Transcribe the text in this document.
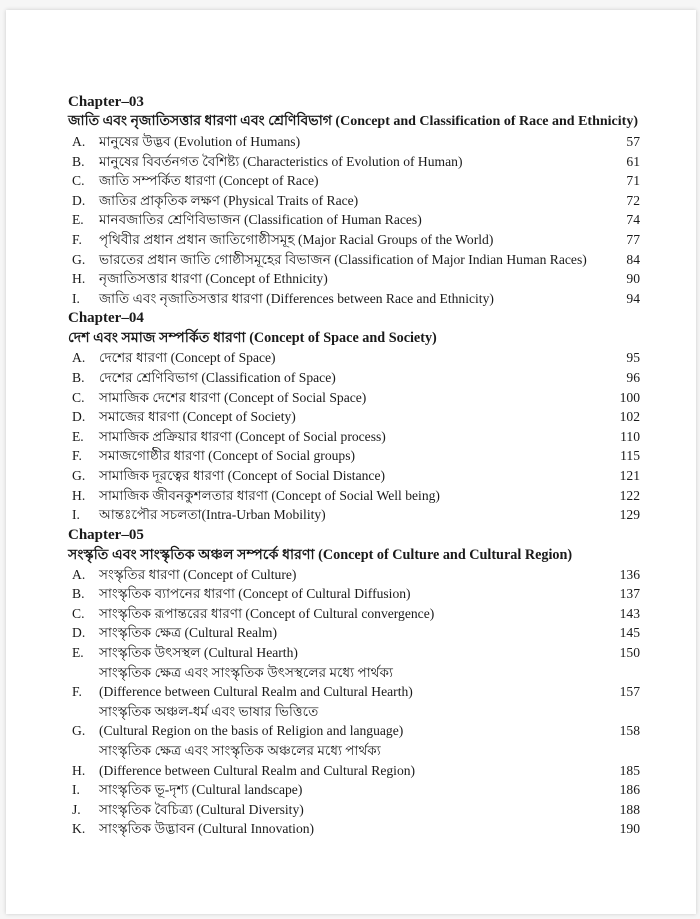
Chapter–03
জাতি এবং নৃজাতিসত্তার ধারণা এবং শ্রেণিবিভাগ (Concept and Classification of Race and Ethnicity)
A.	মানুষের উদ্ভব (Evolution of Humans)	57
B.	মানুষের বিবর্তনগত বৈশিষ্ট্য (Characteristics of Evolution of Human)	61
C.	জাতি সম্পর্কিত ধারণা (Concept of Race)	71
D.	জাতির প্রাকৃতিক লক্ষণ (Physical Traits of Race)	72
E.	মানবজাতির শ্রেণিবিভাজন (Classification of Human Races)	74
F.	পৃথিবীর প্রধান প্রধান জাতিগোষ্ঠীসমূহ (Major Racial Groups of the World)	77
G.	ভারতের প্রধান জাতি গোষ্ঠীসমূহের বিভাজন (Classification of Major Indian Human Races)	84
H.	নৃজাতিসত্তার ধারণা (Concept of Ethnicity)	90
I.	জাতি এবং নৃজাতিসত্তার ধারণা (Differences between Race and Ethnicity)	94
Chapter–04
দেশ এবং সমাজ সম্পর্কিত ধারণা (Concept of Space and Society)
A.	দেশের ধারণা (Concept of Space)	95
B.	দেশের শ্রেণিবিভাগ (Classification of Space)	96
C.	সামাজিক দেশের ধারণা (Concept of Social Space)	100
D.	সমাজের ধারণা (Concept of Society)	102
E.	সামাজিক প্রক্রিয়ার ধারণা (Concept of Social process)	110
F.	সমাজগোষ্ঠীর ধারণা (Concept of Social groups)	115
G.	সামাজিক দূরত্বের ধারণা (Concept of Social Distance)	121
H.	সামাজিক জীবনকুশলতার ধারণা (Concept of Social Well being)	122
I.	আন্তঃপৌর সচলতা(Intra-Urban Mobility)	129
Chapter–05
সংস্কৃতি এবং সাংস্কৃতিক অঞ্চল সম্পর্কে ধারণা (Concept of Culture and Cultural Region)
A.	সংস্কৃতির ধারণা (Concept of Culture)	136
B.	সাংস্কৃতিক ব্যাপনের ধারণা (Concept of Cultural Diffusion)	137
C.	সাংস্কৃতিক রূপান্তরের ধারণা (Concept of Cultural convergence)	143
D.	সাংস্কৃতিক ক্ষেত্র (Cultural Realm)	145
E.	সাংস্কৃতিক উৎসস্থল (Cultural Hearth)	150
F.
সাংস্কৃতিক ক্ষেত্র এবং সাংস্কৃতিক উৎসস্থলের মধ্যে পার্থক্য
(Difference between Cultural Realm and Cultural Hearth)	157
G.
সাংস্কৃতিক অঞ্চল-ধর্ম এবং ভাষার ভিত্তিতে
(Cultural Region on the basis of Religion and language)	158
H.
সাংস্কৃতিক ক্ষেত্র এবং সাংস্কৃতিক অঞ্চলের মধ্যে পার্থক্য
(Difference between Cultural Realm and Cultural Region)	185
I.	সাংস্কৃতিক ভূ-দৃশ্য (Cultural landscape)	186
J.	সাংস্কৃতিক বৈচিত্র্য (Cultural Diversity)	188
K.	সাংস্কৃতিক উদ্ভাবন (Cultural Innovation)	190
